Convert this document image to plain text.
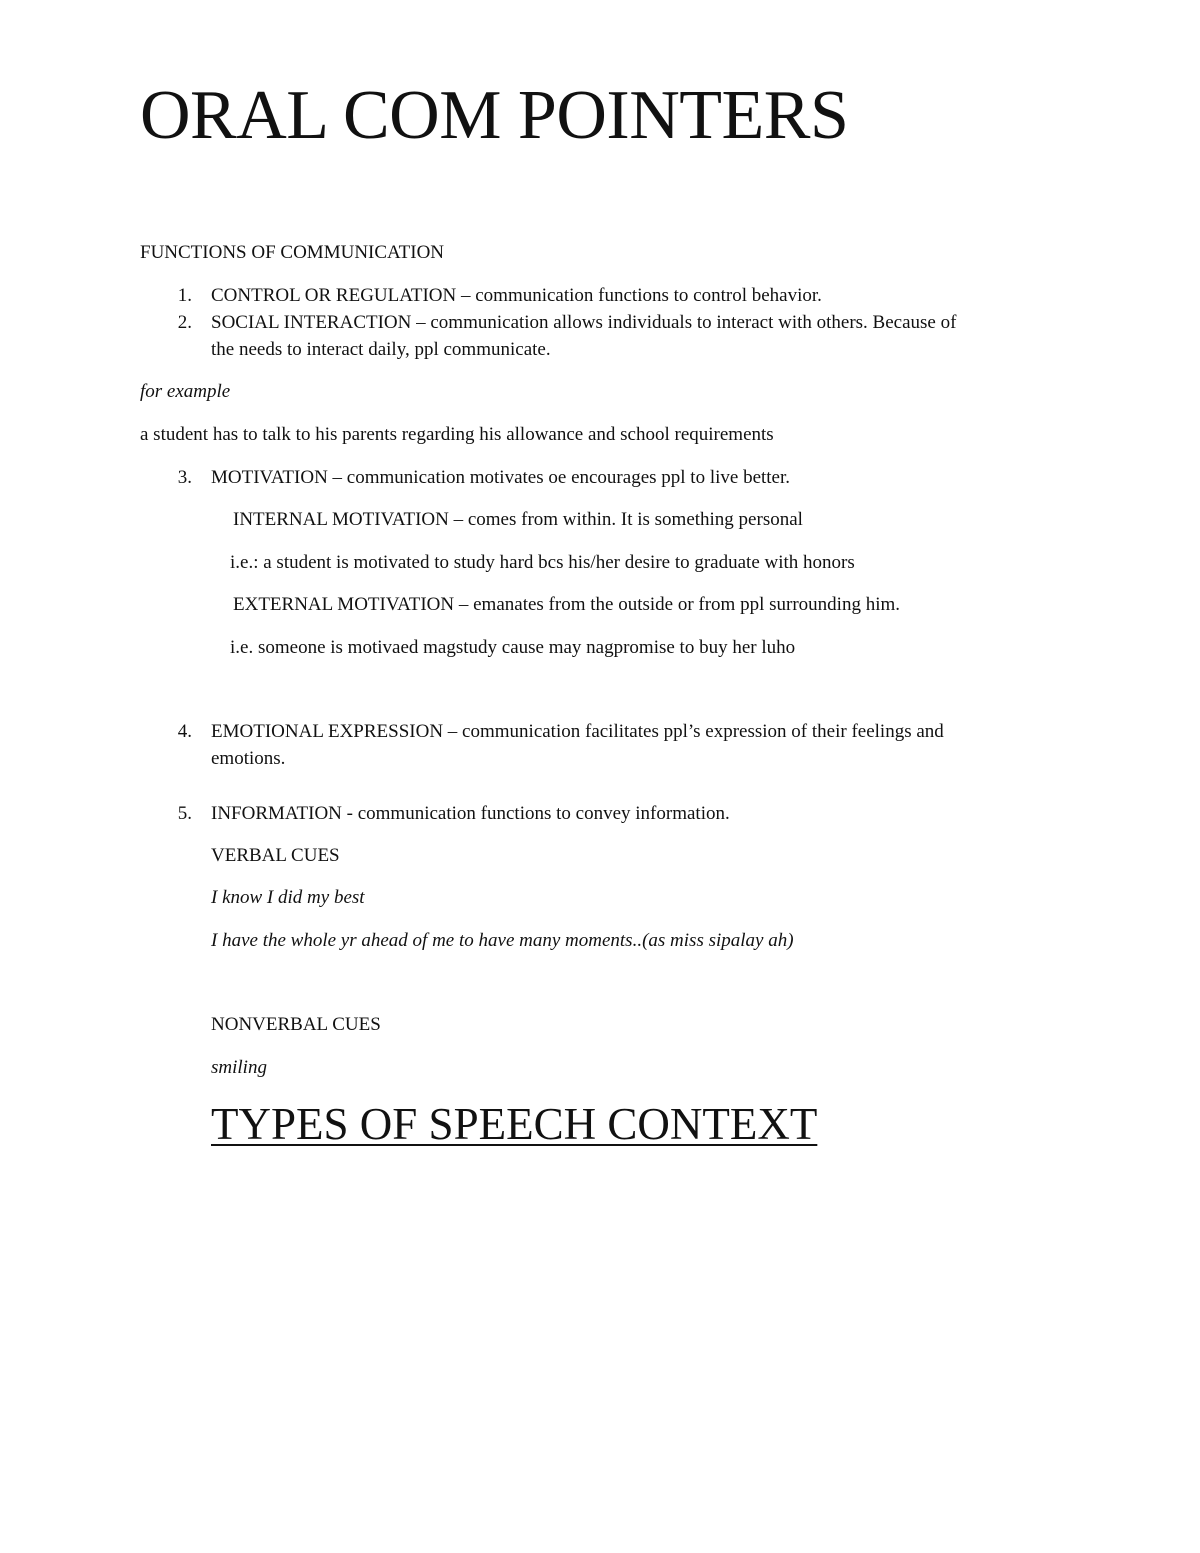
ORAL COM POINTERS
FUNCTIONS OF COMMUNICATION
1. CONTROL OR REGULATION – communication functions to control behavior.
2. SOCIAL INTERACTION – communication allows individuals to interact with others. Because of
the needs to interact daily, ppl communicate.
for example
a student has to talk to his parents regarding his allowance and school requirements
3. MOTIVATION – communication motivates oe encourages ppl to live better.
INTERNAL MOTIVATION – comes from within. It is something personal
i.e.: a student is motivated to study hard bcs his/her desire to graduate with honors
EXTERNAL MOTIVATION – emanates from the outside or from ppl surrounding him.
i.e. someone is motivaed magstudy cause may nagpromise to buy her luho
4. EMOTIONAL EXPRESSION – communication facilitates ppl’s expression of their feelings and
emotions.
5. INFORMATION - communication functions to convey information.
VERBAL CUES
I know I did my best
I have the whole yr ahead of me to have many moments..(as miss sipalay ah)
NONVERBAL CUES
smiling
TYPES OF SPEECH CONTEXT
